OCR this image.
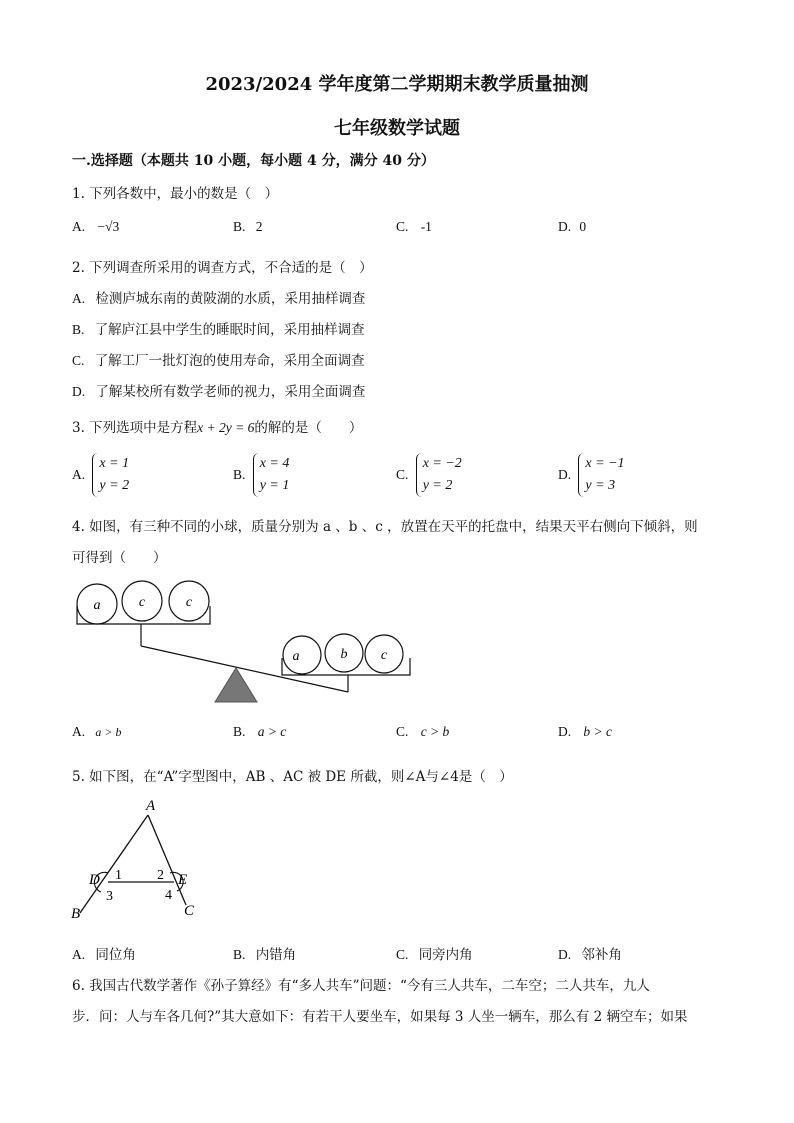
2023/2024 学年度第二学期期末教学质量抽测
七年级数学试题
一.选择题（本题共 10 小题，每小题 4 分，满分 40 分）
1. 下列各数中，最小的数是（　）
A. −√3	B. 2	C. -1	D. 0
2. 下列调查所采用的调查方式，不合适的是（　）
A. 检测庐城东南的黄陂湖的水质，采用抽样调查
B. 了解庐江县中学生的睡眠时间，采用抽样调查
C. 了解工厂一批灯泡的使用寿命，采用全面调查
D. 了解某校所有数学老师的视力，采用全面调查
3. 下列选项中是方程x + 2y = 6的解的是（　　）
A. x = 1
y = 2
B. x = 4
y = 1
C. x = −2
y = 2
D. x = −1
y = 3
4. 如图，有三种不同的小球，质量分别为 a 、b 、c ，放置在天平的托盘中，结果天平右侧向下倾斜，则
可得到（　　）
a	c	c
a	b c
A. a > b	B. a > c	C. c > b	D. b > c
5. 如下图，在“A”字型图中，AB 、AC 被 DE 所截，则∠A与∠4是（　）
A
D	E
B	C
1	2
3	4
A. 同位角	B. 内错角	C. 同旁内角	D. 邻补角
6. 我国古代数学著作《孙子算经》有“多人共车”问题：“今有三人共车，二车空；二人共车，九人
步．问：人与车各几何?”其大意如下：有若干人要坐车，如果每 3 人坐一辆车，那么有 2 辆空车；如果
